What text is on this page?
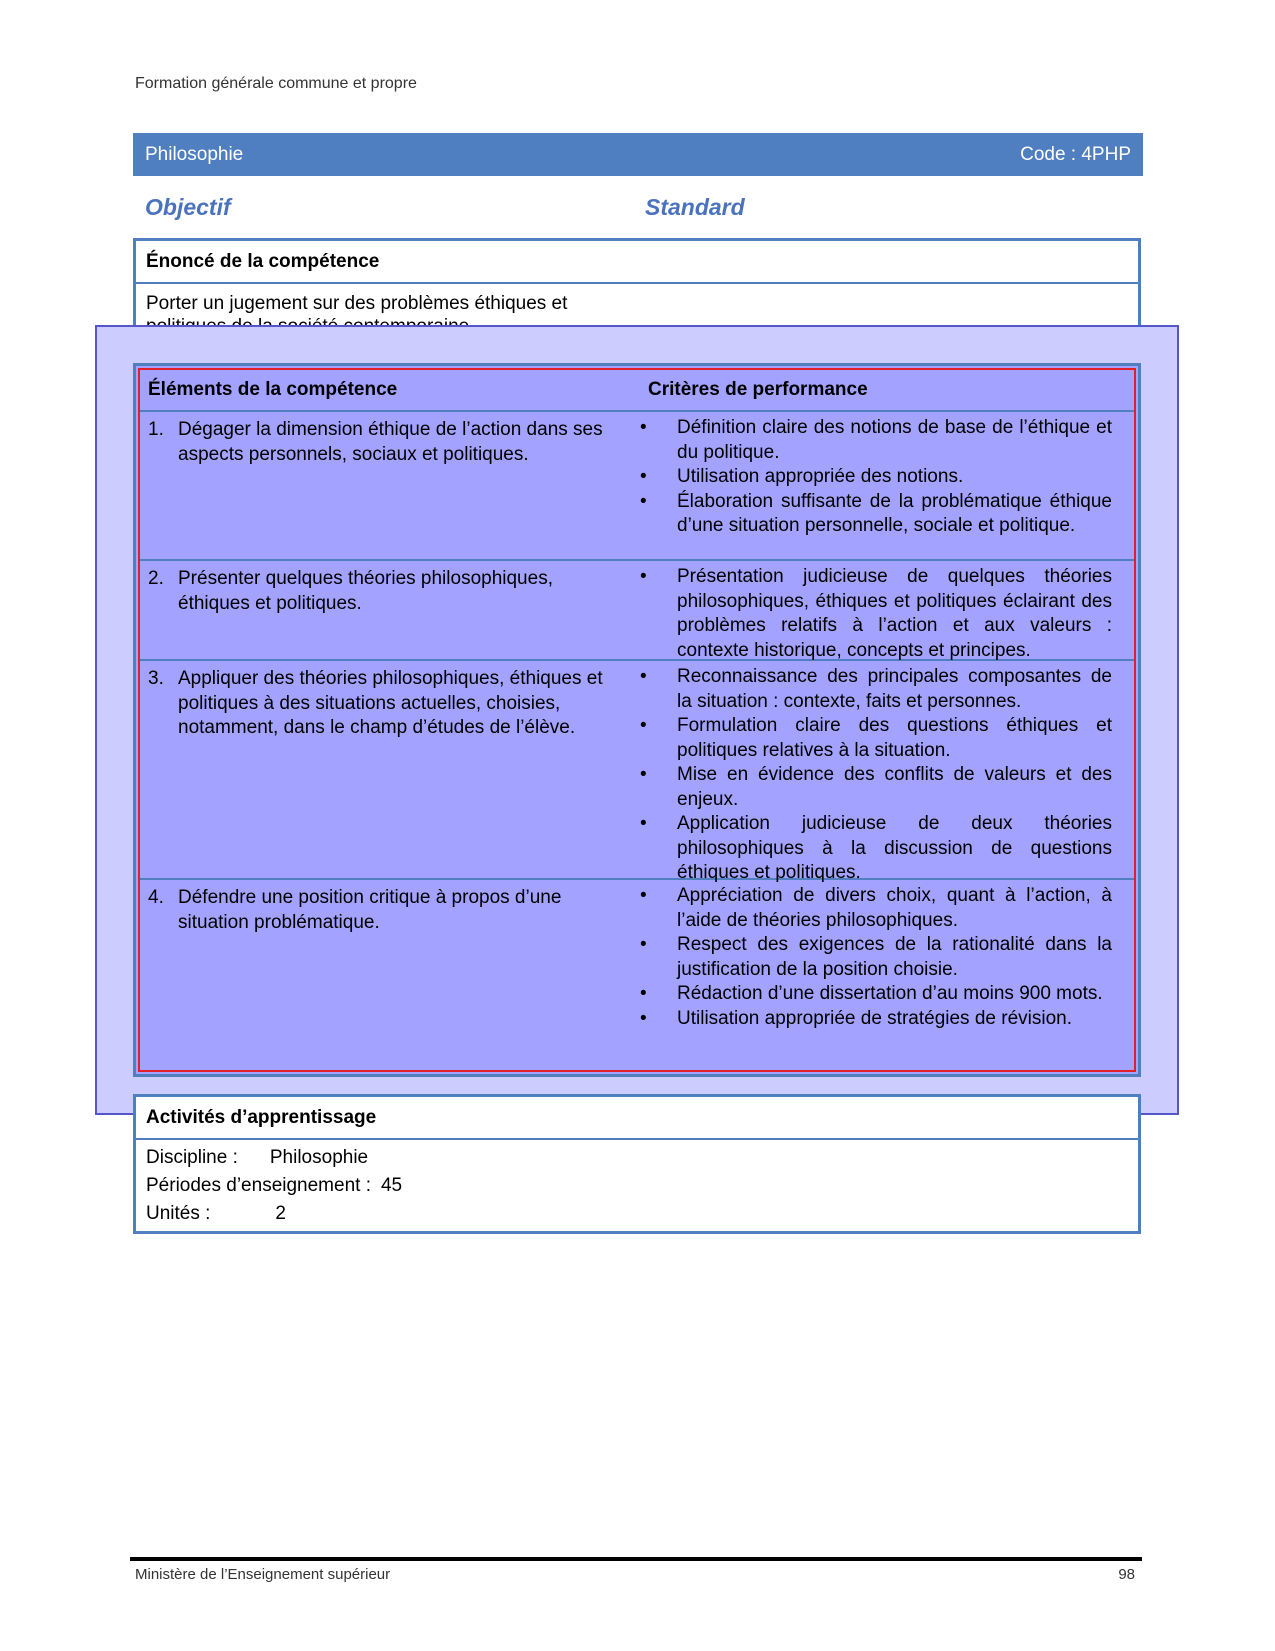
Formation générale commune et propre
Philosophie	Code : 4PHP
Objectif	Standard
Énoncé de la compétence
Porter un jugement sur des problèmes éthiques et
Éléments de la compétence	Critères de performance
1. Dégager la dimension éthique de l’action dans ses aspects personnels, sociaux et politiques.
•	Définition claire des notions de base de l’éthique et du politique.
•	Utilisation appropriée des notions.
•	Élaboration suffisante de la problématique éthique d’une situation personnelle, sociale et politique.
2. Présenter quelques théories philosophiques, éthiques et politiques.
•	Présentation judicieuse de quelques théories philosophiques, éthiques et politiques éclairant des problèmes relatifs à l’action et aux valeurs : contexte historique, concepts et principes.
3. Appliquer des théories philosophiques, éthiques et politiques à des situations actuelles, choisies, notamment, dans le champ d’études de l’élève.
•	Reconnaissance des principales composantes de la situation : contexte, faits et personnes.
•	Formulation claire des questions éthiques et politiques relatives à la situation.
•	Mise en évidence des conflits de valeurs et des enjeux.
•	Application judicieuse de deux théories philosophiques à la discussion de questions éthiques et politiques.
4. Défendre une position critique à propos d’une situation problématique.
•	Appréciation de divers choix, quant à l’action, à l’aide de théories philosophiques.
•	Respect des exigences de la rationalité dans la justification de la position choisie.
•	Rédaction d’une dissertation d’au moins 900 mots.
•	Utilisation appropriée de stratégies de révision.
Activités d’apprentissage
Discipline : Philosophie
Périodes d’enseignement : 45
Unités :	2
Ministère de l’Enseignement supérieur	98
